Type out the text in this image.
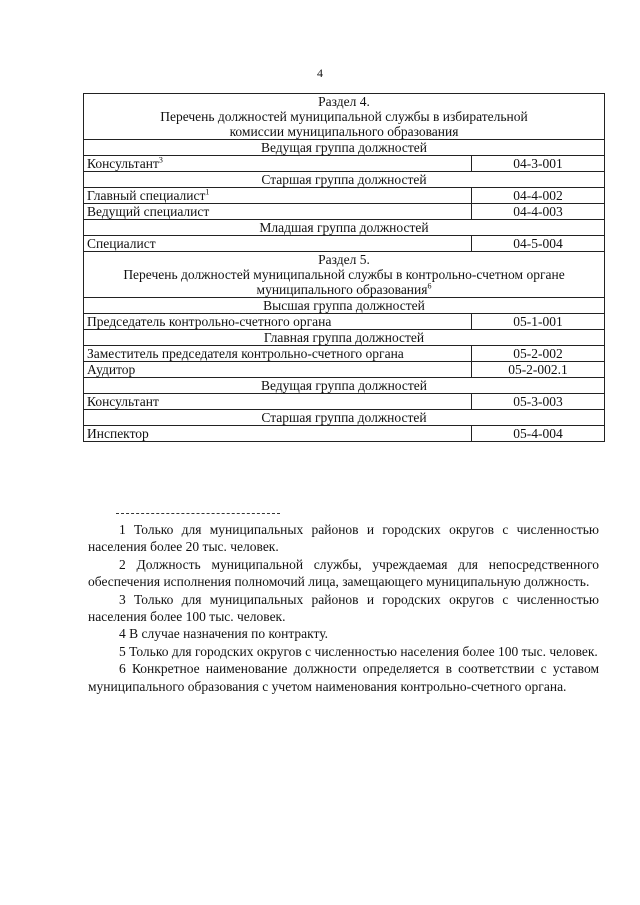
4
Раздел 4.
Перечень должностей муниципальной службы в избирательной
комиссии муниципального образования	

Ведущая группа должностей	
Консультант$^3$	04-3-001
Старшая группа должностей	
Главный специалист$^1$	04-4-002
Ведущий специалист	04-4-003
Младшая группа должностей	
Специалист	04-5-004

Раздел 5.
Перечень должностей муниципальной службы в контрольно-счетном органе
муниципального образования$^6$

Высшая группа должностей	
Председатель контрольно-счетного органа	05-1-001
Главная группа должностей	
Заместитель председателя контрольно-счетного органа	05-2-002
Аудитор	05-2-002.1
Ведущая группа должностей	
Консультант	05-3-003
Старшая группа должностей	
Инспектор	05-4-004

1 Только для муниципальных районов и городских округов с численностью населения более 20 тыс. человек.

2 Должность муниципальной службы, учреждаемая для непосредственного обеспечения исполнения полномочий лица, замещающего муниципальную должность.

3 Только для муниципальных районов и городских округов с численностью населения более 100 тыс. человек.

4 В случае назначения по контракту.

5 Только для городских округов с численностью населения более 100 тыс. человек.

6 Конкретное наименование должности определяется в соответствии с уставом муниципального образования с учетом наименования контрольно-счетного органа.
